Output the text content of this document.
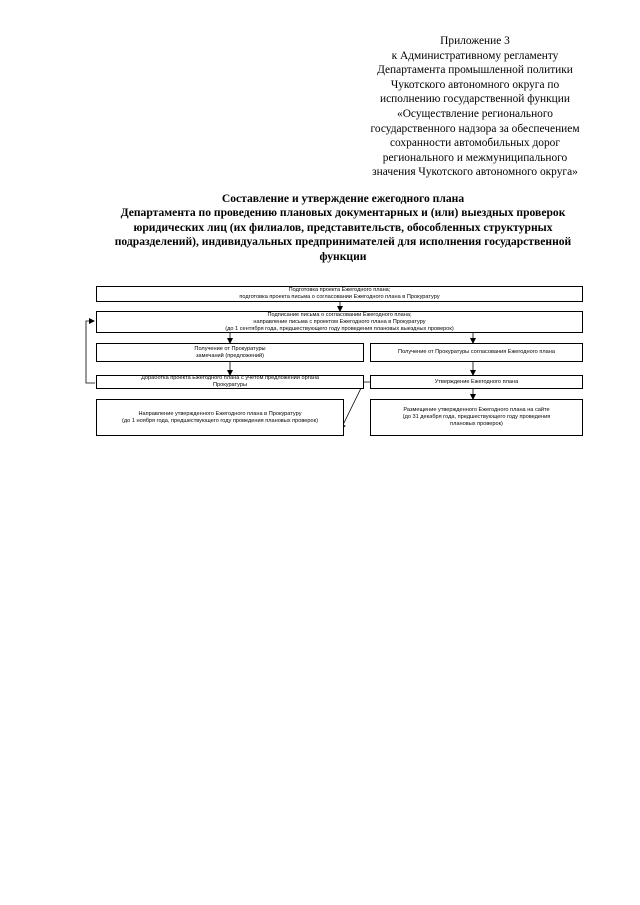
Приложение 3
к Административному регламенту
Департамента промышленной политики
Чукотского автономного округа по
исполнению государственной функции
«Осуществление регионального
государственного надзора за обеспечением
сохранности автомобильных дорог
регионального и межмуниципального
значения Чукотского автономного округа»
Составление и утверждение ежегодного плана
Департамента по проведению плановых документарных и (или) выездных проверок
юридических лиц (их филиалов, представительств, обособленных структурных
подразделений), индивидуальных предпринимателей для исполнения государственной
функции
Подготовка проекта Ежегодного плана;
подготовка проекта письма о согласовании Ежегодного плана в Прокуратуру
Подписание письма о согласовании Ежегодного плана;
направление письма с проектом Ежегодного плана в Прокуратуру
(до 1 сентября года, предшествующего году проведения плановых выездных проверок)
Получение от Прокуратуры
замечаний (предложений)
Получение от Прокуратуры согласования Ежегодного плана
Доработка проекта Ежегодного плана с учетом предложений органа
Прокуратуры
Утверждение Ежегодного плана
Направление утвержденного Ежегодного плана в Прокуратуру
(до 1 ноября года, предшествующего году проведения плановых проверок)
Размещение утвержденного Ежегодного плана на сайте
(до 31 декабря года, предшествующего году проведения
плановых проверок)
